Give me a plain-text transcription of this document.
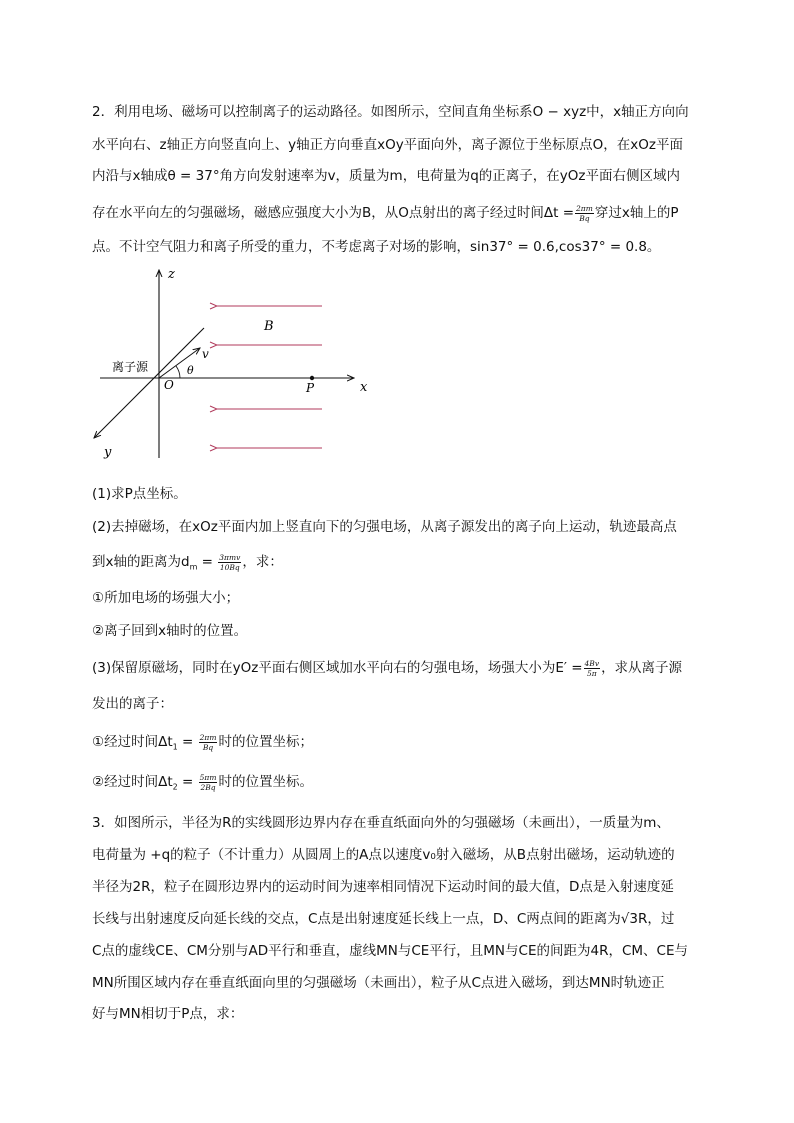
2．利用电场、磁场可以控制离子的运动路径。如图所示，空间直角坐标系O − xyz中，x轴正方向向
水平向右、z轴正方向竖直向上、y轴正方向垂直xOy平面向外，离子源位于坐标原点O，在xOz平面
内沿与x轴成θ = 37°角方向发射速率为v，质量为m，电荷量为q的正离子，在yOz平面右侧区域内
存在水平向左的匀强磁场，磁感应强度大小为B，从O点射出的离子经过时间$\Delta t = \frac{2\pi m}{Bq}$ 穿过x轴上的P
点。不计空气阻力和离子所受的重力，不考虑离子对场的影响，sin37° = 0.6,cos37° = 0.8。
z
x
y
v
θ
O
离子源
P
B
(1)求P点坐标。
(2)去掉磁场，在xOz平面内加上竖直向下的匀强电场，从离子源发出的离子向上运动，轨迹最高点
到x轴的距离为$d_m = \frac{\text{3πmv}}{10Bq}$ ，求：
①所加电场的场强大小；
②离子回到x轴时的位置。
(3)保留原磁场，同时在yOz平面右侧区域加水平向右的匀强电场，场强大小为$E' = \frac{4Bv}{5\pi}$ ，求从离子源
发出的离子：
①经过时间$\Delta t_1 = \frac{2\pi m}{Bq}$ 时的位置坐标；
②经过时间$\Delta t_2 = \frac{5\pi m}{2Bq}$ 时的位置坐标。
3．如图所示，半径为R的实线圆形边界内存在垂直纸面向外的匀强磁场（未画出），一质量为m、
电荷量为 +q的粒子（不计重力）从圆周上的A点以速度v₀射入磁场，从B点射出磁场，运动轨迹的
半径为2R，粒子在圆形边界内的运动时间为速率相同情况下运动时间的最大值，D点是入射速度延
长线与出射速度反向延长线的交点，C点是出射速度延长线上一点，D、C两点间的距离为√3R，过
C点的虚线CE、CM分别与AD平行和垂直，虚线MN与CE平行，且MN与CE的间距为4R，CM、CE与
MN所围区域内存在垂直纸面向里的匀强磁场（未画出），粒子从C点进入磁场，到达MN时轨迹正
好与MN相切于P点，求：
